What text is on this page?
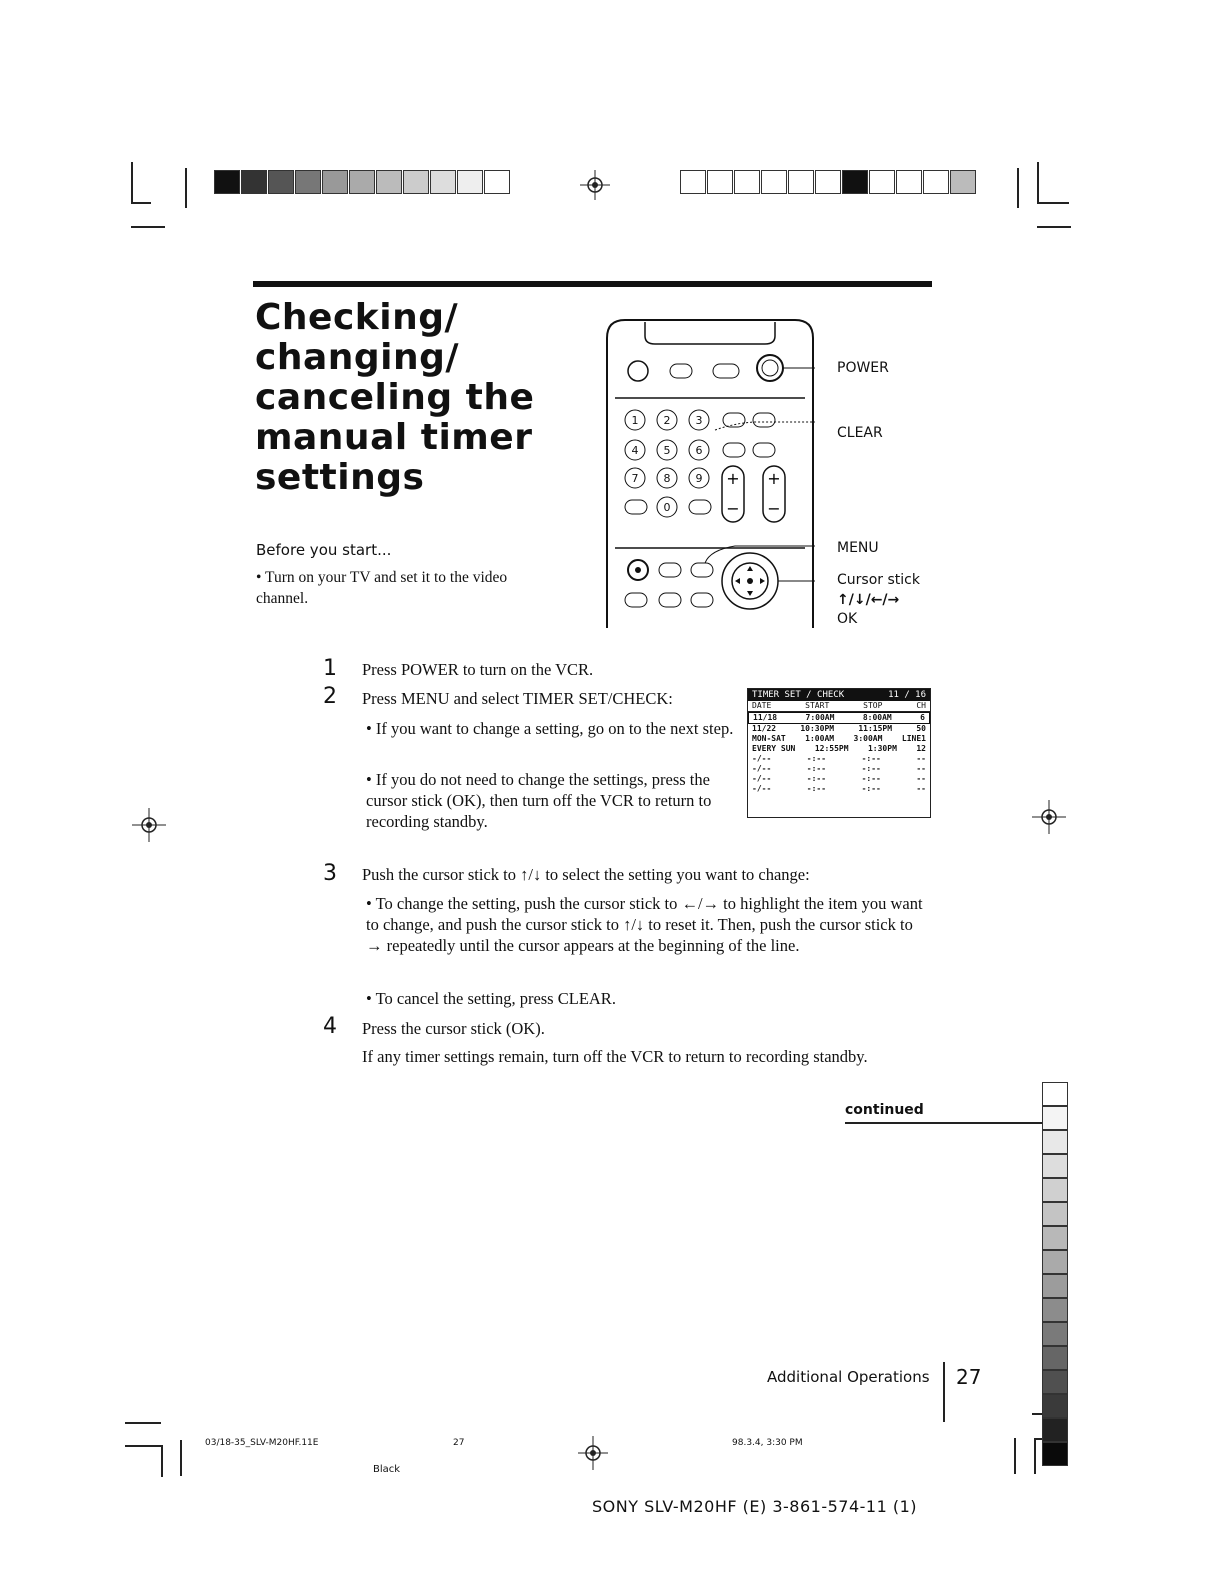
Checking/
changing/
canceling the
manual timer
settings
Before you start...
• Turn on your TV and set it to the video channel.
1 2 3
4 5 6
7 8 9
0
+
−
+
−
POWER
CLEAR
MENU
Cursor stick
↑/↓/←/→
OK
1 Press POWER to turn on the VCR.
2 Press MENU and select TIMER SET/CHECK:
• If you want to change a setting, go on to the next step.
• If you do not need to change the settings, press the cursor stick (OK), then turn off the VCR to return to recording standby.
TIMER SET / CHECK	11 / 16
DATE	START	STOP	CH
11/18	7:00AM	8:00AM	6
11/22	10:30PM	11:15PM	50
MON-SAT 1:00AM 3:00AM LINE1
EVERY SUN 12:55PM 1:30PM 12
-/--	-:--	-:--	--
-/--	-:--	-:--	--
-/--	-:--	-:--	--
-/--	-:--	-:--	--
3 Push the cursor stick to ↑/↓ to select the setting you want to change:
• To change the setting, push the cursor stick to ←/→ to highlight the item you want to change, and push the cursor stick to ↑/↓ to reset it. Then, push the cursor stick to → repeatedly until the cursor appears at the beginning of the line.
• To cancel the setting, press CLEAR.
4 Press the cursor stick (OK).
If any timer settings remain, turn off the VCR to return to recording standby.
continued
Additional Operations 27
03/18-35_SLV-M20HF.11E	27	98.3.4, 3:30 PM
Black
SONY SLV-M20HF (E) 3-861-574-11 (1)
